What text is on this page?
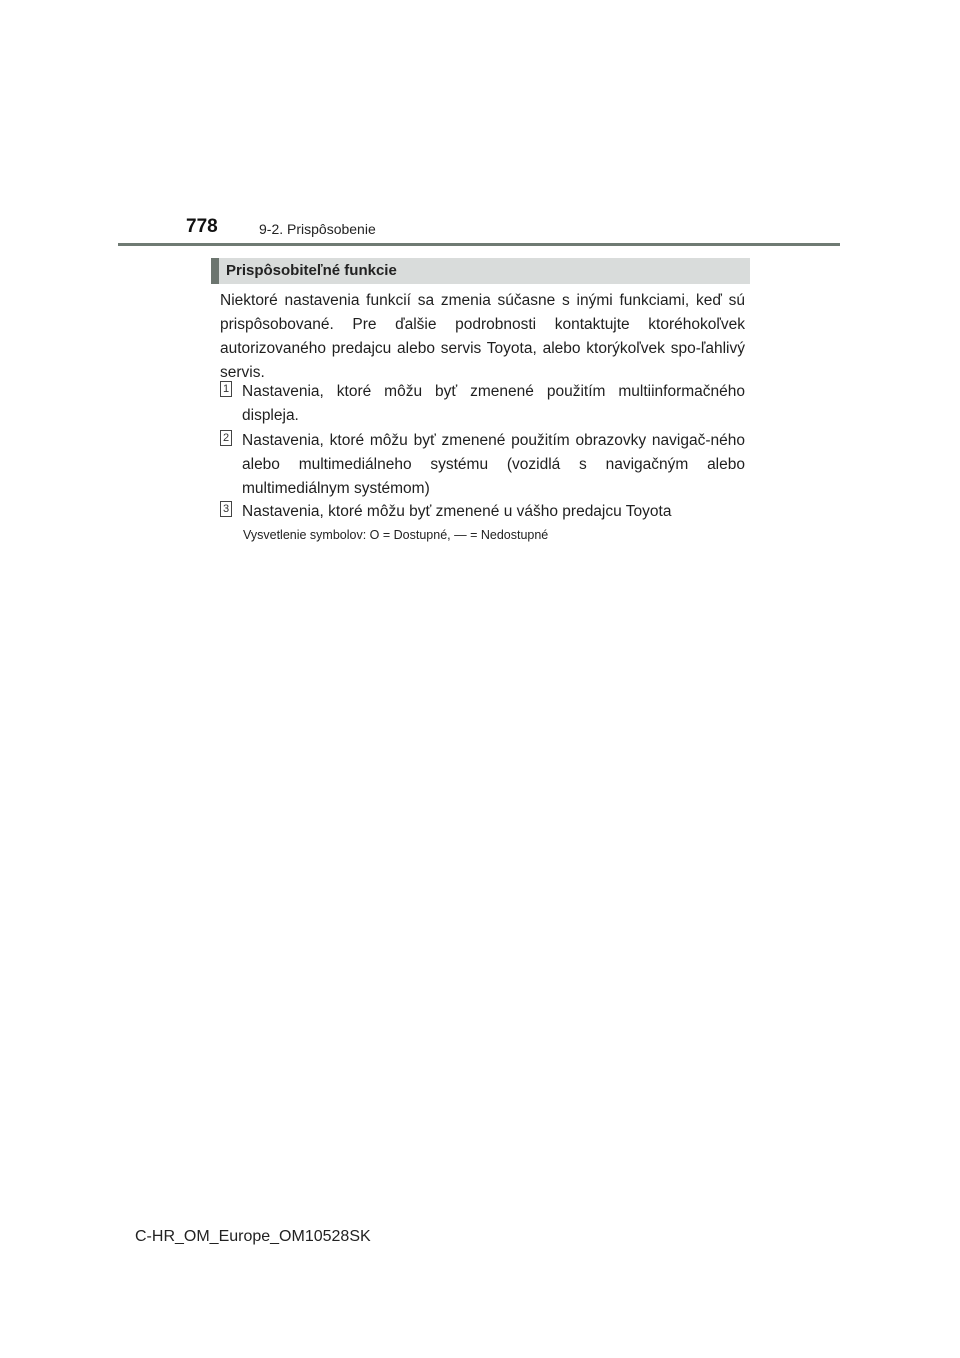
778	9-2. Prispôsobenie
Prispôsobiteľné funkcie

Niektoré nastavenia funkcií sa zmenia súčasne s inými funkciami, keď sú prispôsobované. Pre ďalšie podrobnosti kontaktujte ktoréhokoľvek autorizovaného predajcu alebo servis Toyota, alebo ktorýkoľvek spo-ľahlivý servis.

1 Nastavenia, ktoré môžu byť zmenené použitím multiinformačného displeja.

2 Nastavenia, ktoré môžu byť zmenené použitím obrazovky navigač-ného alebo multimediálneho systému (vozidlá s navigačným alebo multimediálnym systémom)

3 Nastavenia, ktoré môžu byť zmenené u vášho predajcu Toyota

Vysvetlenie symbolov: O = Dostupné, — = Nedostupné
C-HR_OM_Europe_OM10528SK
